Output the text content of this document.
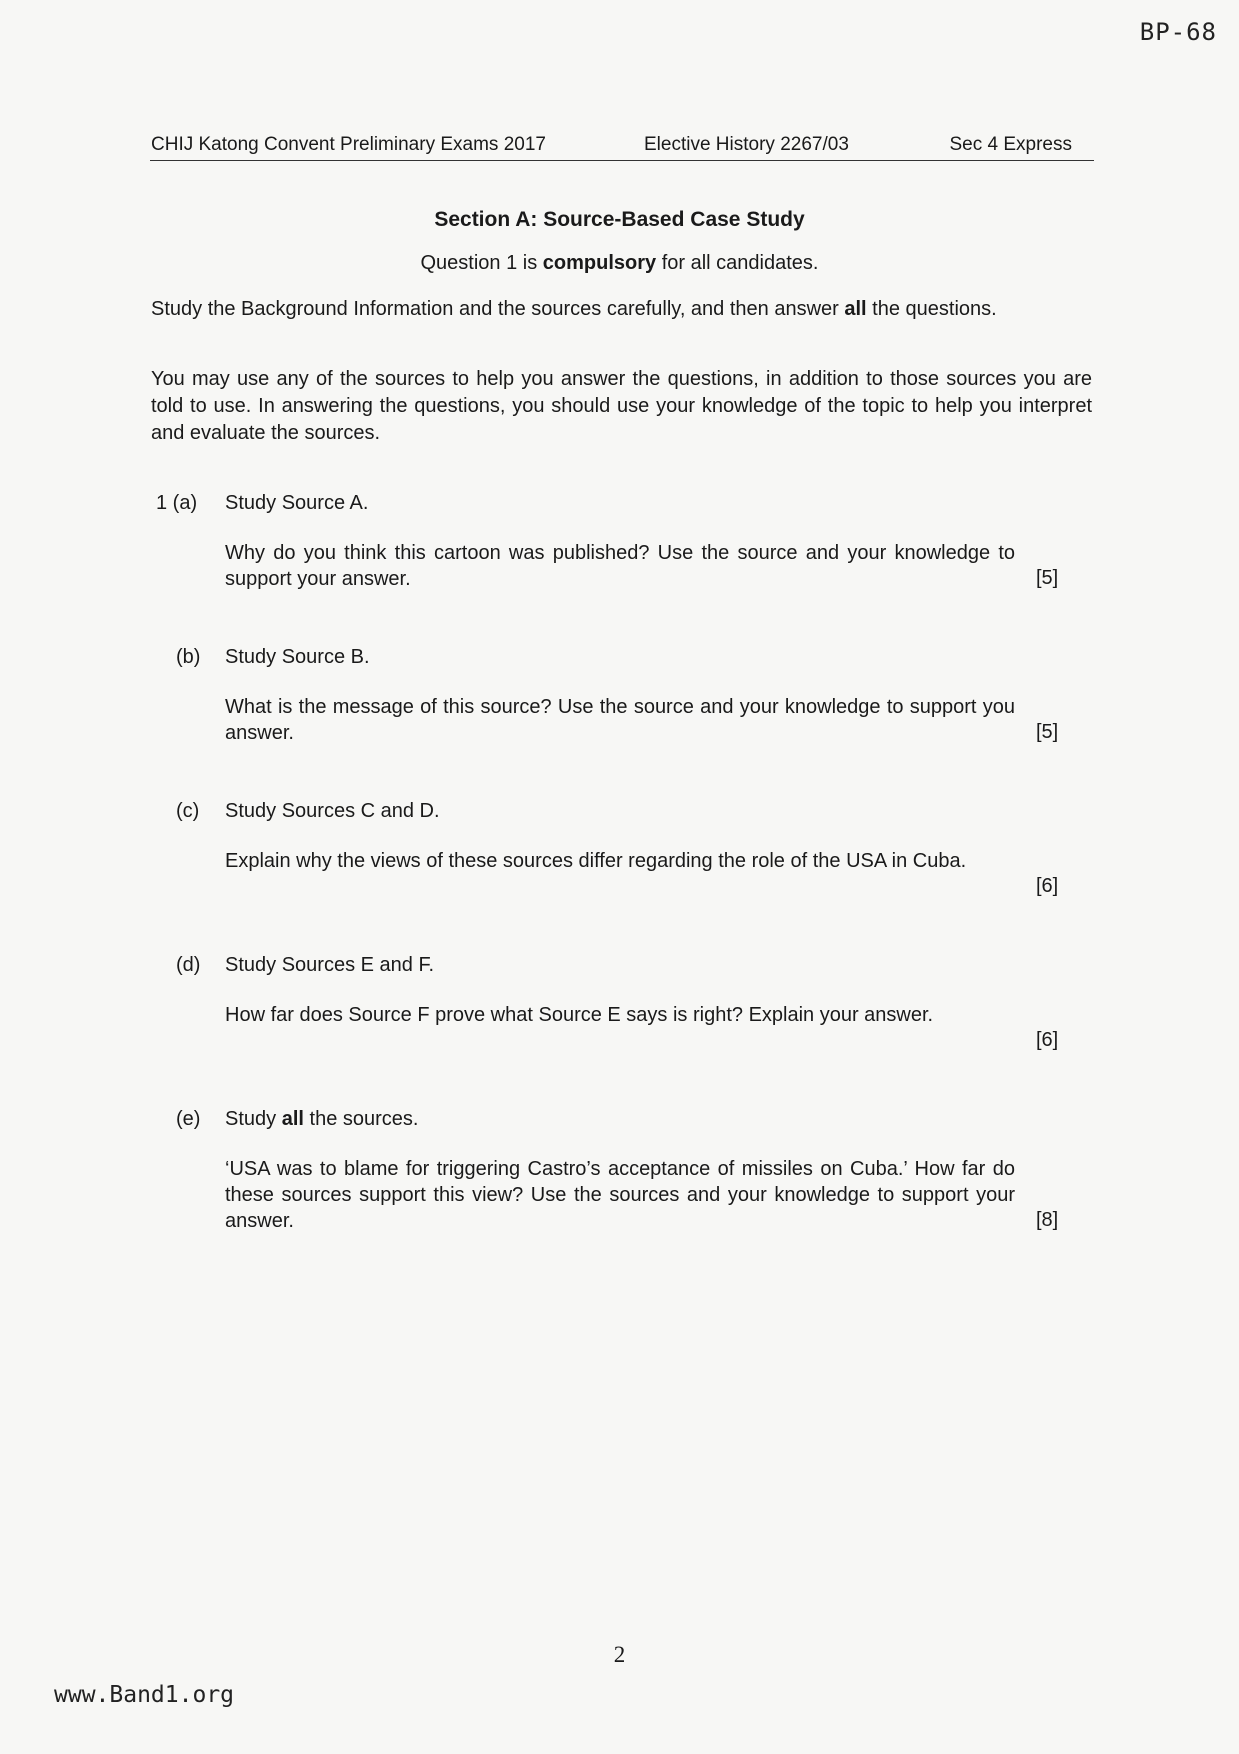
BP-68
CHIJ Katong Convent Preliminary Exams 2017	Elective History 2267/03	Sec 4 Express
Section A: Source-Based Case Study
Question 1 is compulsory for all candidates.
Study the Background Information and the sources carefully, and then answer all the questions.
You may use any of the sources to help you answer the questions, in addition to those sources you are told to use. In answering the questions, you should use your knowledge of the topic to help you interpret and evaluate the sources.
1 (a) Study Source A.
Why do you think this cartoon was published? Use the source and your knowledge to support your answer.	[5]
(b) Study Source B.
What is the message of this source? Use the source and your knowledge to support you answer.	[5]
(c) Study Sources C and D.
Explain why the views of these sources differ regarding the role of the USA in Cuba.
[6]
(d) Study Sources E and F.
How far does Source F prove what Source E says is right? Explain your answer.
[6]
(e) Study all the sources.
‘USA was to blame for triggering Castro’s acceptance of missiles on Cuba.’ How far do these sources support this view? Use the sources and your knowledge to support your answer.	[8]
2
www.Band1.org
